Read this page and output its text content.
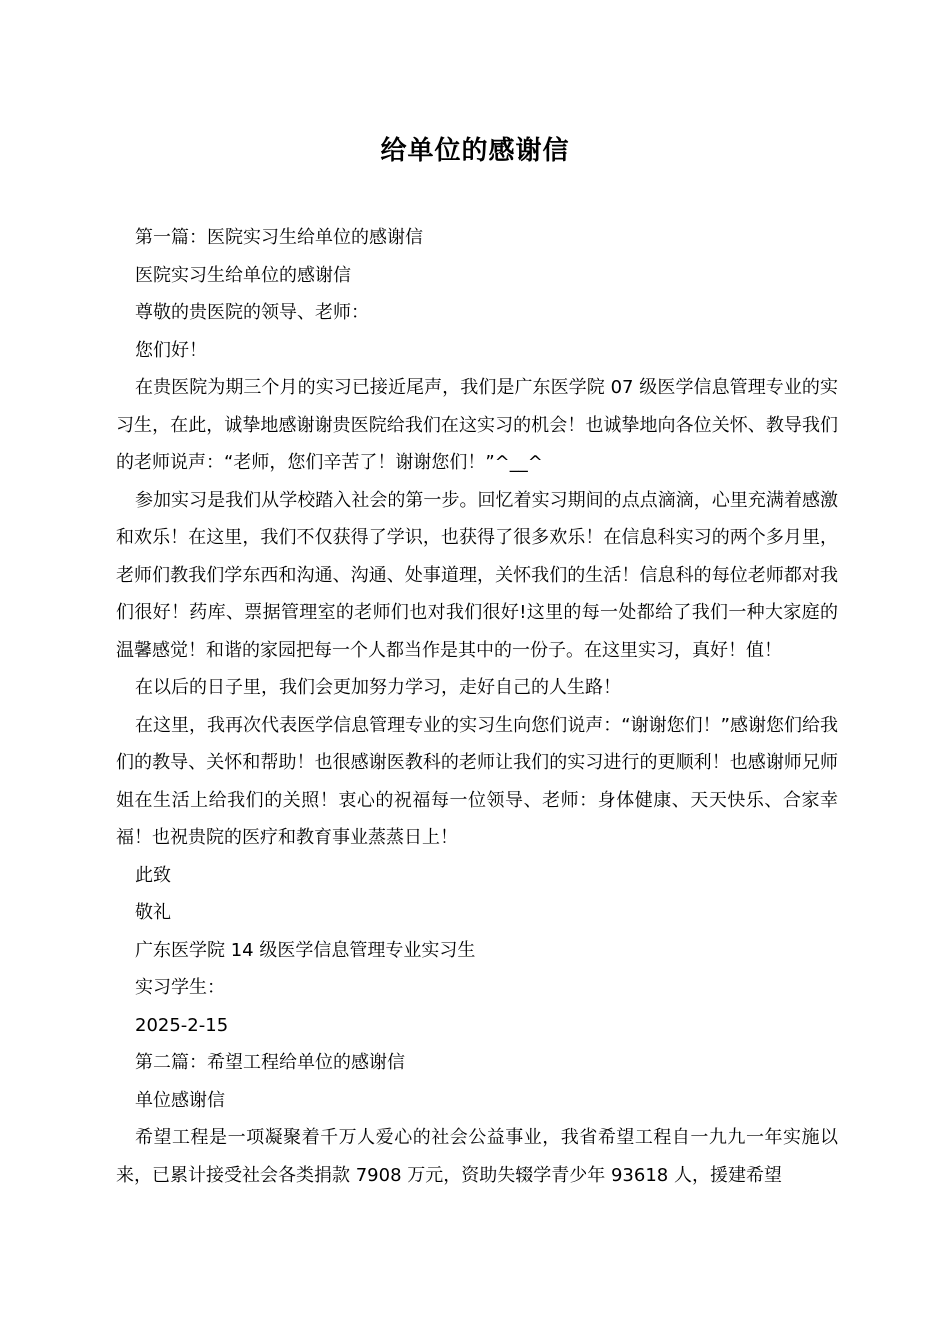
给单位的感谢信

第一篇：医院实习生给单位的感谢信

医院实习生给单位的感谢信

尊敬的贵医院的领导、老师：

您们好！

在贵医院为期三个月的实习已接近尾声，我们是广东医学院 07 级医学信息管理专业的实习生，在此，诚挚地感谢谢贵医院给我们在这实习的机会！也诚挚地向各位关怀、教导我们的老师说声：“老师，您们辛苦了！谢谢您们！”^__^

参加实习是我们从学校踏入社会的第一步。回忆着实习期间的点点滴滴，心里充满着感激和欢乐！在这里，我们不仅获得了学识，也获得了很多欢乐！在信息科实习的两个多月里，老师们教我们学东西和沟通、沟通、处事道理，关怀我们的生活！信息科的每位老师都对我们很好！药库、票据管理室的老师们也对我们很好!这里的每一处都给了我们一种大家庭的温馨感觉！和谐的家园把每一个人都当作是其中的一份子。在这里实习，真好！值！

在以后的日子里，我们会更加努力学习，走好自己的人生路！

在这里，我再次代表医学信息管理专业的实习生向您们说声：“谢谢您们！”感谢您们给我们的教导、关怀和帮助！也很感谢医教科的老师让我们的实习进行的更顺利！也感谢师兄师姐在生活上给我们的关照！衷心的祝福每一位领导、老师：身体健康、天天快乐、合家幸福！也祝贵院的医疗和教育事业蒸蒸日上！

此致

敬礼

广东医学院 14 级医学信息管理专业实习生

实习学生：

2025-2-15

第二篇：希望工程给单位的感谢信

单位感谢信

希望工程是一项凝聚着千万人爱心的社会公益事业，我省希望工程自一九九一年实施以来，已累计接受社会各类捐款 7908 万元，资助失辍学青少年 93618 人，援建希望
